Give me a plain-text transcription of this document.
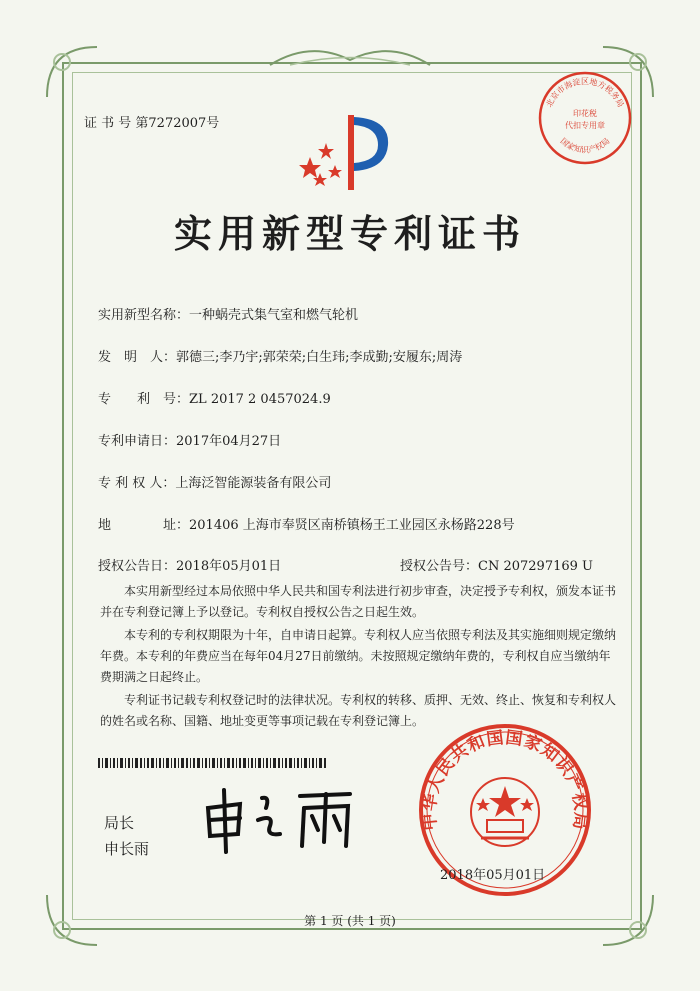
证 书 号 第7272007号
北京市海淀区地方税务局
印花税
代扣专用章
国家知识产权局
实用新型专利证书
实用新型名称：一种蜗壳式集气室和燃气轮机
发　明　人：郭德三;李乃宇;郭荣荣;白生玮;李成勤;安履东;周涛
专　　利　号：ZL 2017 2 0457024.9
专利申请日：2017年04月27日
专 利 权 人：上海泛智能源装备有限公司
地　　　　址：201406 上海市奉贤区南桥镇杨王工业园区永杨路228号
授权公告日：2018年05月01日	授权公告号：CN 207297169 U
本实用新型经过本局依照中华人民共和国专利法进行初步审查，决定授予专利权，颁发本证书并在专利登记簿上予以登记。专利权自授权公告之日起生效。
本专利的专利权期限为十年，自申请日起算。专利权人应当依照专利法及其实施细则规定缴纳年费。本专利的年费应当在每年04月27日前缴纳。未按照规定缴纳年费的，专利权自应当缴纳年费期满之日起终止。
专利证书记载专利权登记时的法律状况。专利权的转移、质押、无效、终止、恢复和专利权人的姓名或名称、国籍、地址变更等事项记载在专利登记簿上。
局长
申长雨
中华人民共和国国家知识产权局
2018年05月01日
第 1 页 (共 1 页)
